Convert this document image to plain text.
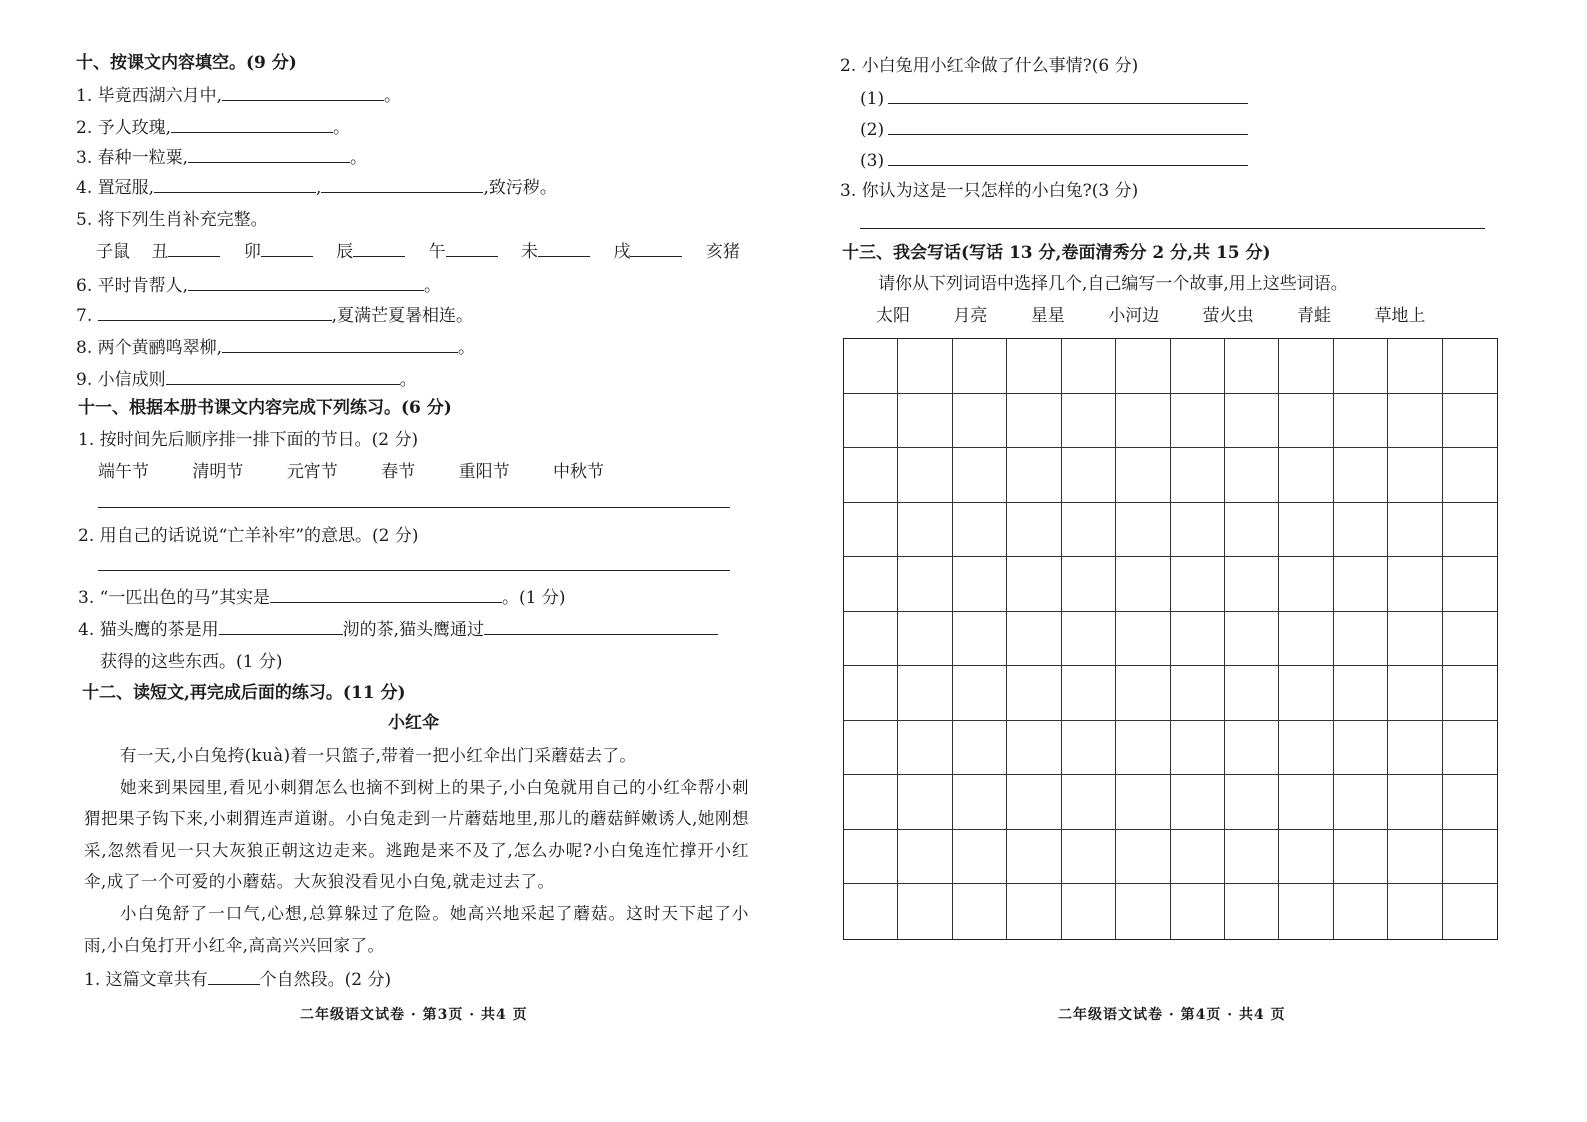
十、按课文内容填空。(9 分)
1. 毕竟西湖六月中,	。
2. 予人玫瑰,	。
3. 春种一粒粟,	。
4. 置冠服,	,	,致污秽。
5. 将下列生肖补充完整。
子鼠 丑	卯	辰	午	未	戌	亥猪
6. 平时肯帮人,	。
7.	,夏满芒夏暑相连。
8. 两个黄鹂鸣翠柳,	。
9. 小信成则	。
十一、根据本册书课文内容完成下列练习。(6 分)
1. 按时间先后顺序排一排下面的节日。(2 分)
端午节	清明节	元宵节	春节	重阳节	中秋节
2. 用自己的话说说“亡羊补牢”的意思。(2 分)
3. “一匹出色的马”其实是	。(1 分)
4. 猫头鹰的茶是用	沏的茶,猫头鹰通过
获得的这些东西。(1 分)
十二、读短文,再完成后面的练习。(11 分)
小红伞
有一天,小白兔挎(kuà)着一只篮子,带着一把小红伞出门采蘑菇去了。
她来到果园里,看见小刺猬怎么也摘不到树上的果子,小白兔就用自己的小红伞帮小刺猬把果子钩下来,小刺猬连声道谢。小白兔走到一片蘑菇地里,那儿的蘑菇鲜嫩诱人,她刚想采,忽然看见一只大灰狼正朝这边走来。逃跑是来不及了,怎么办呢?小白兔连忙撑开小红伞,成了一个可爱的小蘑菇。大灰狼没看见小白兔,就走过去了。
小白兔舒了一口气,心想,总算躲过了危险。她高兴地采起了蘑菇。这时天下起了小雨,小白兔打开小红伞,高高兴兴回家了。
1. 这篇文章共有	个自然段。(2 分)
二年级语文试卷 · 第3页 · 共4 页
2. 小白兔用小红伞做了什么事情?(6 分)
(1)
(2)
(3)
3. 你认为这是一只怎样的小白兔?(3 分)
十三、我会写话(写话 13 分,卷面清秀分 2 分,共 15 分)
请你从下列词语中选择几个,自己编写一个故事,用上这些词语。
太阳	月亮	星星	小河边	萤火虫	青蛙	草地上
二年级语文试卷 · 第4页 · 共4 页
